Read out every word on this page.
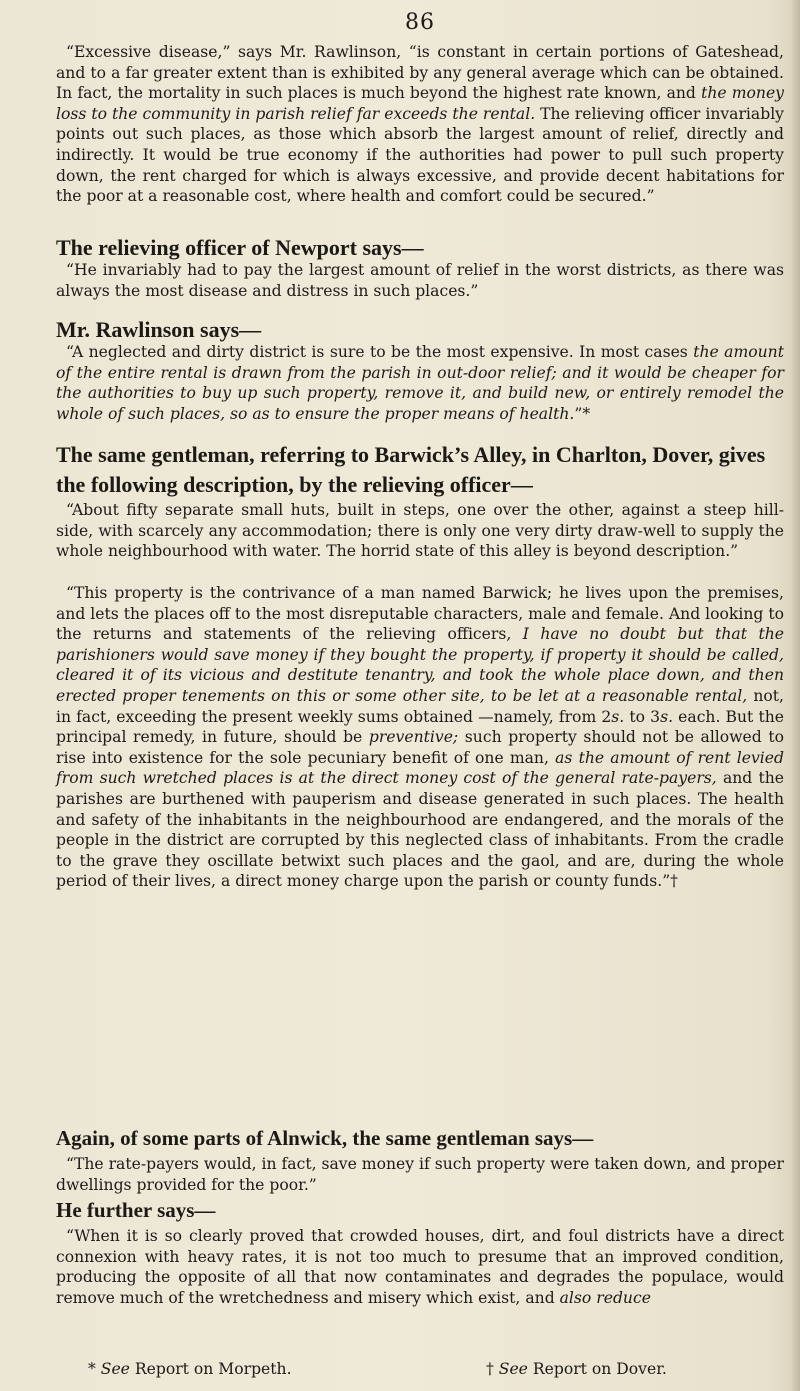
86

“Excessive disease,” says Mr. Rawlinson, “is constant in certain portions of Gateshead, and to a far greater extent than is exhibited by any general average which can be obtained. In fact, the mortality in such places is much beyond the highest rate known, and the money loss to the community in parish relief far exceeds the rental. The relieving officer invariably points out such places, as those which absorb the largest amount of relief, directly and indirectly. It would be true economy if the authorities had power to pull such property down, the rent charged for which is always excessive, and provide decent habitations for the poor at a reasonable cost, where health and comfort could be secured.”

The relieving officer of Newport says—

“He invariably had to pay the largest amount of relief in the worst districts, as there was always the most disease and distress in such places.”

Mr. Rawlinson says—

“A neglected and dirty district is sure to be the most expensive. In most cases the amount of the entire rental is drawn from the parish in out-door relief; and it would be cheaper for the authorities to buy up such property, remove it, and build new, or entirely remodel the whole of such places, so as to ensure the proper means of health.”*

The same gentleman, referring to Barwick’s Alley, in Charlton, Dover, gives the following description, by the relieving officer—

“About fifty separate small huts, built in steps, one over the other, against a steep hill-side, with scarcely any accommodation; there is only one very dirty draw-well to supply the whole neighbourhood with water. The horrid state of this alley is beyond description.”

“This property is the contrivance of a man named Barwick; he lives upon the premises, and lets the places off to the most disreputable characters, male and female. And looking to the returns and statements of the relieving officers, I have no doubt but that the parishioners would save money if they bought the property, if property it should be called, cleared it of its vicious and destitute tenantry, and took the whole place down, and then erected proper tenements on this or some other site, to be let at a reasonable rental, not, in fact, exceeding the present weekly sums obtained —namely, from 2s. to 3s. each. But the principal remedy, in future, should be preventive; such property should not be allowed to rise into existence for the sole pecuniary benefit of one man, as the amount of rent levied from such wretched places is at the direct money cost of the general rate-payers, and the parishes are burthened with pauperism and disease generated in such places. The health and safety of the inhabitants in the neighbourhood are endangered, and the morals of the people in the district are corrupted by this neglected class of inhabitants. From the cradle to the grave they oscillate betwixt such places and the gaol, and are, during the whole period of their lives, a direct money charge upon the parish or county funds.”†

Again, of some parts of Alnwick, the same gentleman says—

“The rate-payers would, in fact, save money if such property were taken down, and proper dwellings provided for the poor.”

He further says—

“When it is so clearly proved that crowded houses, dirt, and foul districts have a direct connexion with heavy rates, it is not too much to presume that an improved condition, producing the opposite of all that now contaminates and degrades the populace, would remove much of the wretchedness and misery which exist, and also reduce

* See Report on Morpeth.	† See Report on Dover.
